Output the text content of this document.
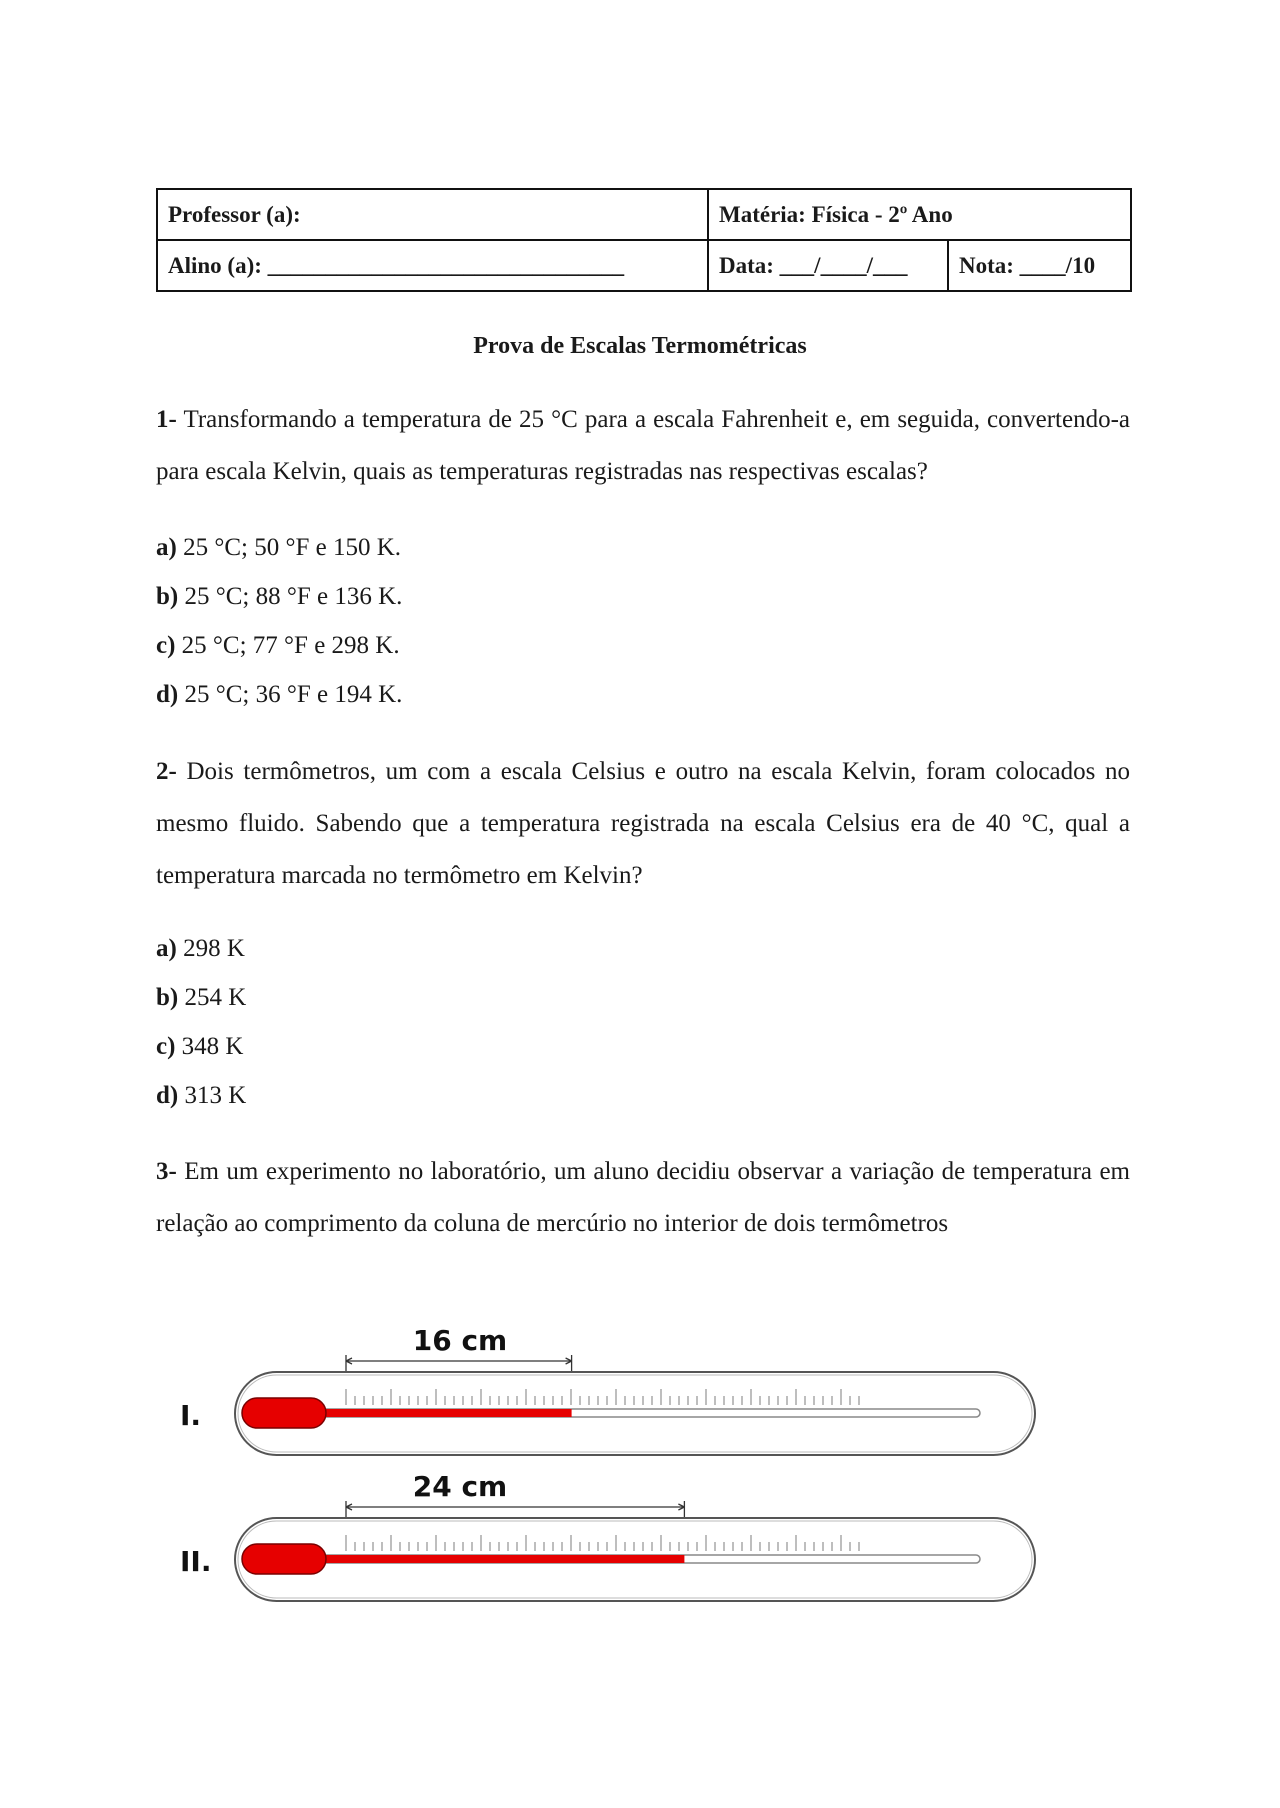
Professor (a):	Matéria: Física - 2º Ano	
Alino (a): _______________________________	Data: ___/____/___	Nota: ____/10
Prova de Escalas Termométricas

1- Transformando a temperatura de 25 °C para a escala Fahrenheit e, em seguida, convertendo-a para escala Kelvin, quais as temperaturas registradas nas respectivas escalas?

a) 25 °C; 50 °F e 150 K.
b) 25 °C; 88 °F e 136 K.
c) 25 °C; 77 °F e 298 K.
d) 25 °C; 36 °F e 194 K.

2- Dois termômetros, um com a escala Celsius e outro na escala Kelvin, foram colocados no mesmo fluido. Sabendo que a temperatura registrada na escala Celsius era de 40 °C, qual a temperatura marcada no termômetro em Kelvin?

a) 298 K
b) 254 K
c) 348 K
d) 313 K

3- Em um experimento no laboratório, um aluno decidiu observar a variação de temperatura em relação ao comprimento da coluna de mercúrio no interior de dois termômetros

16 cm
I.
24 cm
II.
